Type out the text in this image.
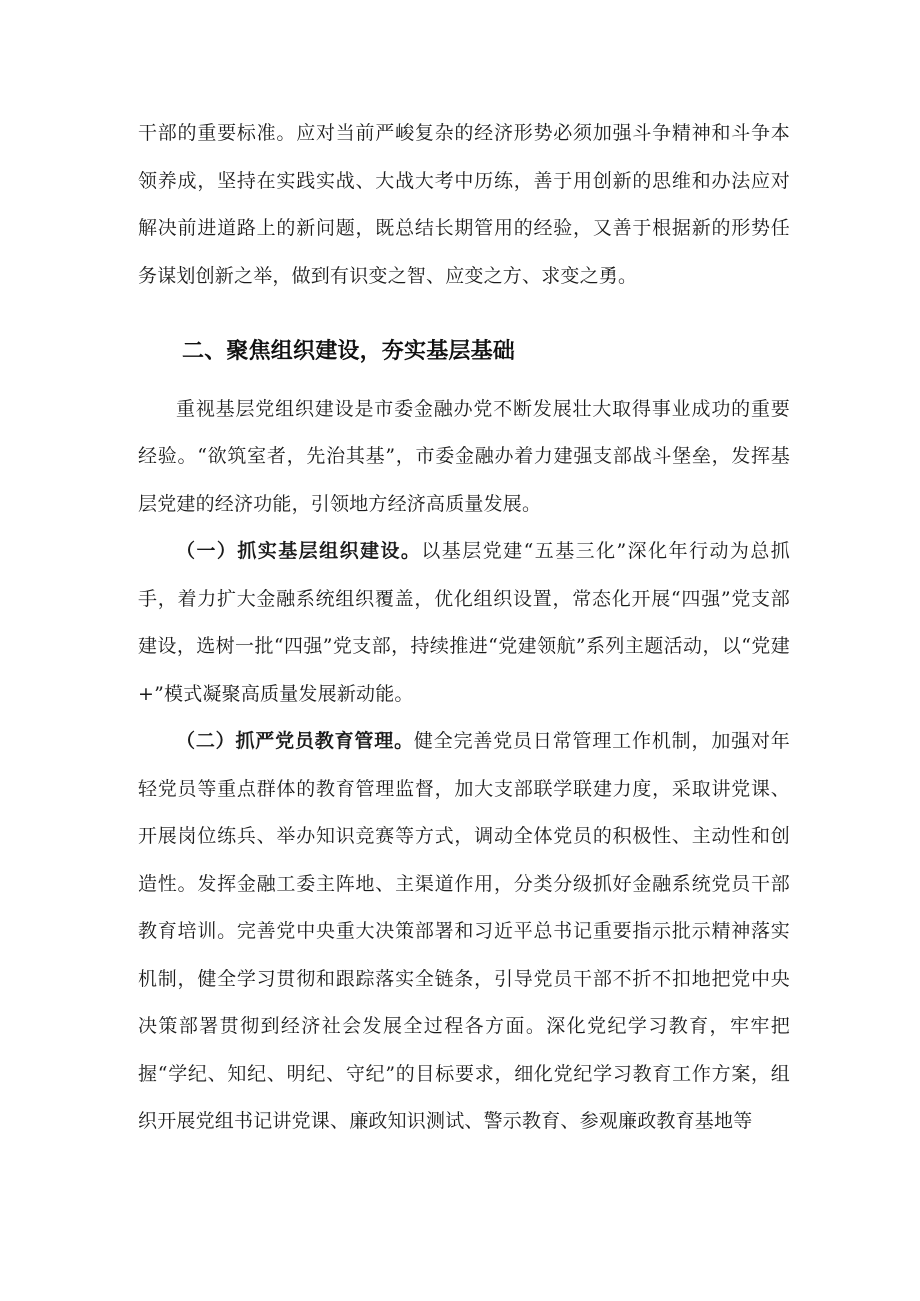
干部的重要标准。应对当前严峻复杂的经济形势必须加强斗争精神和斗争本领养成，坚持在实践实战、大战大考中历练，善于用创新的思维和办法应对解决前进道路上的新问题，既总结长期管用的经验，又善于根据新的形势任务谋划创新之举，做到有识变之智、应变之方、求变之勇。

二、聚焦组织建设，夯实基层基础

重视基层党组织建设是市委金融办党不断发展壮大取得事业成功的重要经验。“欲筑室者，先治其基”，市委金融办着力建强支部战斗堡垒，发挥基层党建的经济功能，引领地方经济高质量发展。

（一）抓实基层组织建设。以基层党建“五基三化”深化年行动为总抓手，着力扩大金融系统组织覆盖，优化组织设置，常态化开展“四强”党支部建设，选树一批“四强”党支部，持续推进“党建领航”系列主题活动，以“党建+”模式凝聚高质量发展新动能。

（二）抓严党员教育管理。健全完善党员日常管理工作机制，加强对年轻党员等重点群体的教育管理监督，加大支部联学联建力度，采取讲党课、开展岗位练兵、举办知识竞赛等方式，调动全体党员的积极性、主动性和创造性。发挥金融工委主阵地、主渠道作用，分类分级抓好金融系统党员干部教育培训。完善党中央重大决策部署和习近平总书记重要指示批示精神落实机制，健全学习贯彻和跟踪落实全链条，引导党员干部不折不扣地把党中央决策部署贯彻到经济社会发展全过程各方面。深化党纪学习教育，牢牢把握“学纪、知纪、明纪、守纪”的目标要求，细化党纪学习教育工作方案，组织开展党组书记讲党课、廉政知识测试、警示教育、参观廉政教育基地等
